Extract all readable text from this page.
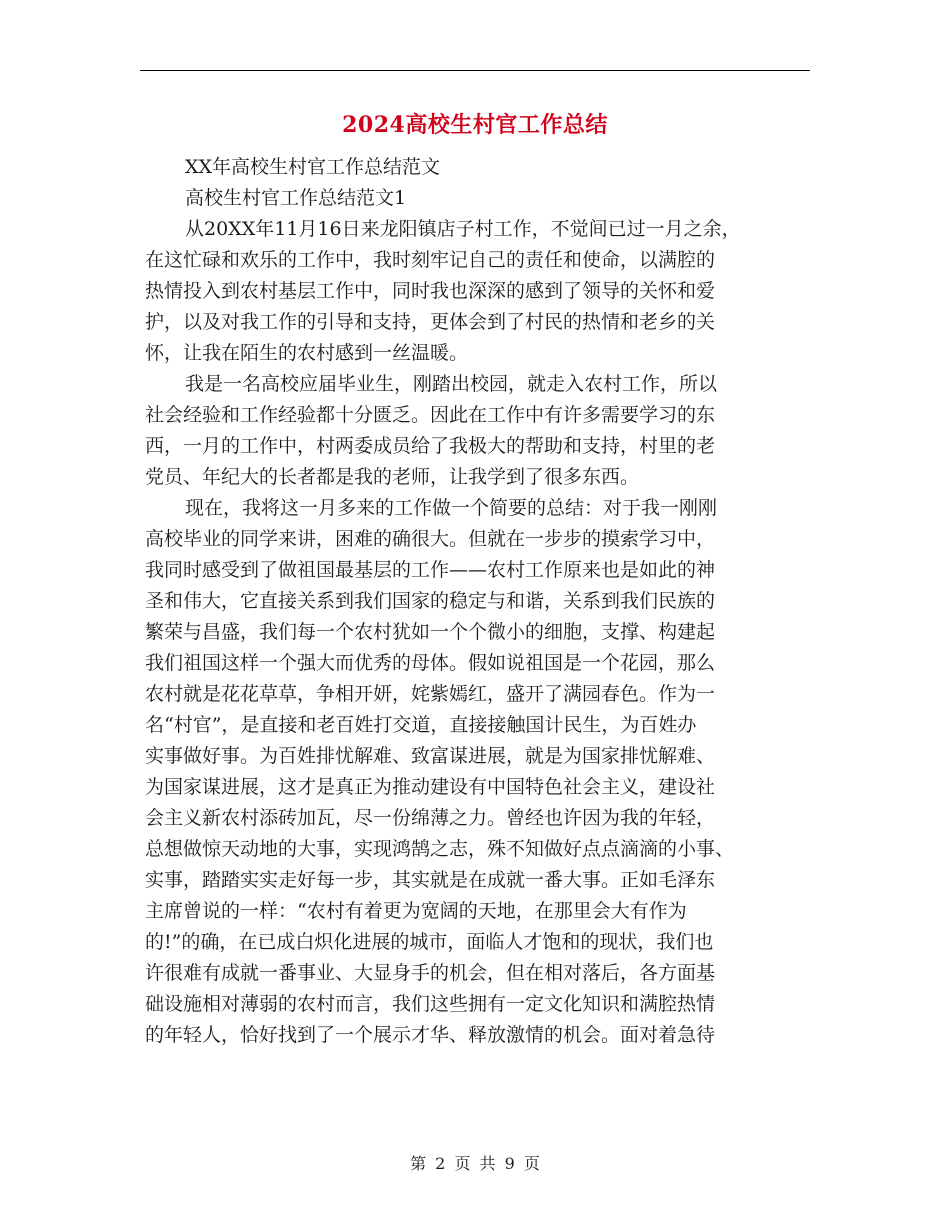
2024高校生村官工作总结
XX年高校生村官工作总结范文
高校生村官工作总结范文1
从20XX年11月16日来龙阳镇店子村工作，不觉间已过一月之余，
在这忙碌和欢乐的工作中，我时刻牢记自己的责任和使命，以满腔的
热情投入到农村基层工作中，同时我也深深的感到了领导的关怀和爱
护，以及对我工作的引导和支持，更体会到了村民的热情和老乡的关
怀，让我在陌生的农村感到一丝温暖。
我是一名高校应届毕业生，刚踏出校园，就走入农村工作，所以
社会经验和工作经验都十分匮乏。因此在工作中有许多需要学习的东
西，一月的工作中，村两委成员给了我极大的帮助和支持，村里的老
党员、年纪大的长者都是我的老师，让我学到了很多东西。
现在，我将这一月多来的工作做一个简要的总结：对于我一刚刚
高校毕业的同学来讲，困难的确很大。但就在一步步的摸索学习中，
我同时感受到了做祖国最基层的工作——农村工作原来也是如此的神
圣和伟大，它直接关系到我们国家的稳定与和谐，关系到我们民族的
繁荣与昌盛，我们每一个农村犹如一个个微小的细胞，支撑、构建起
我们祖国这样一个强大而优秀的母体。假如说祖国是一个花园，那么
农村就是花花草草，争相开妍，姹紫嫣红，盛开了满园春色。作为一
名“村官”，是直接和老百姓打交道，直接接触国计民生，为百姓办
实事做好事。为百姓排忧解难、致富谋进展，就是为国家排忧解难、
为国家谋进展，这才是真正为推动建设有中国特色社会主义，建设社
会主义新农村添砖加瓦，尽一份绵薄之力。曾经也许因为我的年轻，
总想做惊天动地的大事，实现鸿鹄之志，殊不知做好点点滴滴的小事、
实事，踏踏实实走好每一步，其实就是在成就一番大事。正如毛泽东
主席曾说的一样：“农村有着更为宽阔的天地，在那里会大有作为
的!”的确，在已成白炽化进展的城市，面临人才饱和的现状，我们也
许很难有成就一番事业、大显身手的机会，但在相对落后，各方面基
础设施相对薄弱的农村而言，我们这些拥有一定文化知识和满腔热情
的年轻人，恰好找到了一个展示才华、释放激情的机会。面对着急待
第 2 页 共 9 页
